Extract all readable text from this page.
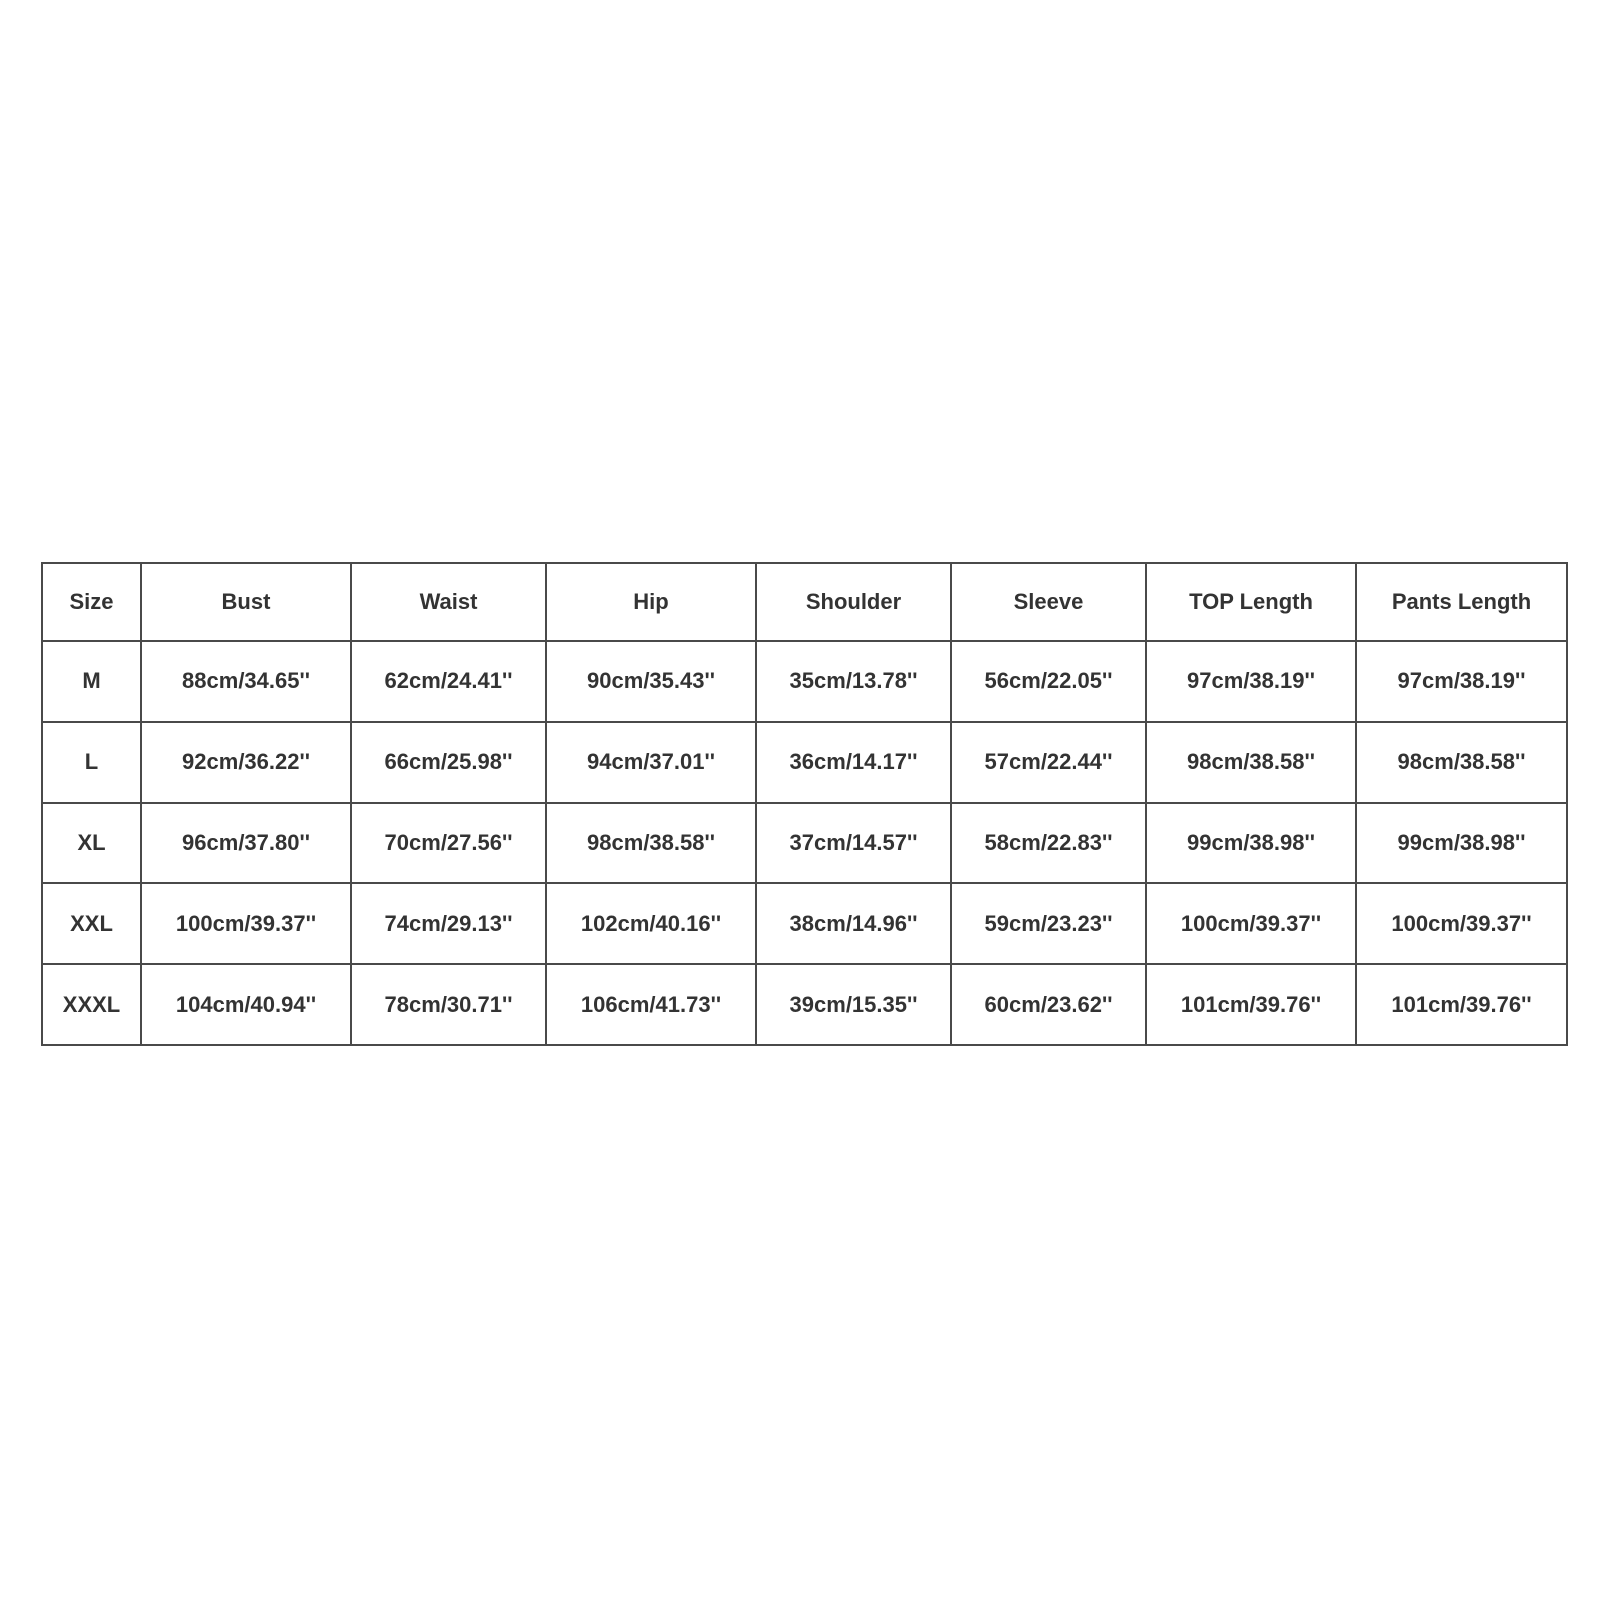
Size	Bust	Waist	Hip	Shoulder	Sleeve	TOP Length	Pants Length
M	88cm/34.65''	62cm/24.41''	90cm/35.43''	35cm/13.78''	56cm/22.05''	97cm/38.19''	97cm/38.19''
L	92cm/36.22''	66cm/25.98''	94cm/37.01''	36cm/14.17''	57cm/22.44''	98cm/38.58''	98cm/38.58''
XL	96cm/37.80''	70cm/27.56''	98cm/38.58''	37cm/14.57''	58cm/22.83''	99cm/38.98''	99cm/38.98''
XXL	100cm/39.37''	74cm/29.13''	102cm/40.16''	38cm/14.96''	59cm/23.23''	100cm/39.37''	100cm/39.37''
XXXL	104cm/40.94''	78cm/30.71''	106cm/41.73''	39cm/15.35''	60cm/23.62''	101cm/39.76''	101cm/39.76''
